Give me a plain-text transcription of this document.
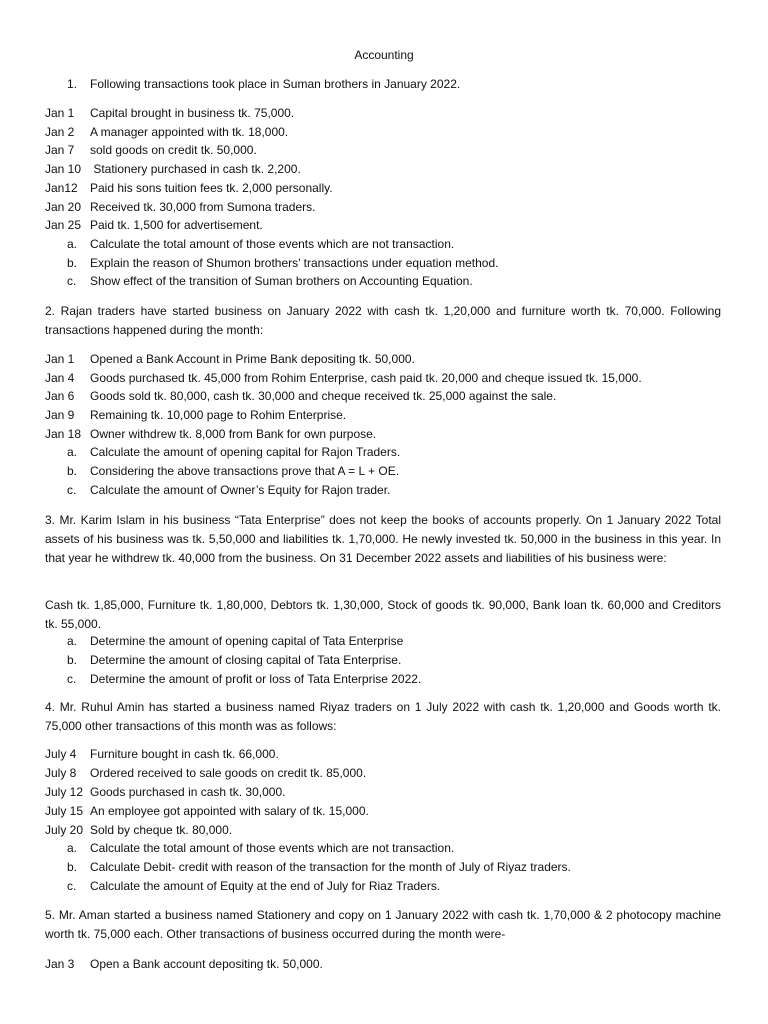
Accounting
1. Following transactions took place in Suman brothers in January 2022.
Jan 1 Capital brought in business tk. 75,000.
Jan 2 A manager appointed with tk. 18,000.
Jan 7 sold goods on credit tk. 50,000.
Jan 10 Stationery purchased in cash tk. 2,200.
Jan12 Paid his sons tuition fees tk. 2,000 personally.
Jan 20 Received tk. 30,000 from Sumona traders.
Jan 25 Paid tk. 1,500 for advertisement.
a. Calculate the total amount of those events which are not transaction.
b. Explain the reason of Shumon brothers’ transactions under equation method.
c. Show effect of the transition of Suman brothers on Accounting Equation.
2. Rajan traders have started business on January 2022 with cash tk. 1,20,000 and furniture worth tk. 70,000. Following transactions happened during the month:
Jan 1 Opened a Bank Account in Prime Bank depositing tk. 50,000.
Jan 4 Goods purchased tk. 45,000 from Rohim Enterprise, cash paid tk. 20,000 and cheque issued tk. 15,000.
Jan 6 Goods sold tk. 80,000, cash tk. 30,000 and cheque received tk. 25,000 against the sale.
Jan 9 Remaining tk. 10,000 page to Rohim Enterprise.
Jan 18 Owner withdrew tk. 8,000 from Bank for own purpose.
a. Calculate the amount of opening capital for Rajon Traders.
b. Considering the above transactions prove that A = L + OE.
c. Calculate the amount of Owner’s Equity for Rajon trader.
3. Mr. Karim Islam in his business “Tata Enterprise” does not keep the books of accounts properly. On 1 January 2022 Total assets of his business was tk. 5,50,000 and liabilities tk. 1,70,000. He newly invested tk. 50,000 in the business in this year. In that year he withdrew tk. 40,000 from the business. On 31 December 2022 assets and liabilities of his business were:
Cash tk. 1,85,000, Furniture tk. 1,80,000, Debtors tk. 1,30,000, Stock of goods tk. 90,000, Bank loan tk. 60,000 and Creditors tk. 55,000.
a. Determine the amount of opening capital of Tata Enterprise
b. Determine the amount of closing capital of Tata Enterprise.
c. Determine the amount of profit or loss of Tata Enterprise 2022.
4. Mr. Ruhul Amin has started a business named Riyaz traders on 1 July 2022 with cash tk. 1,20,000 and Goods worth tk. 75,000 other transactions of this month was as follows:
July 4 Furniture bought in cash tk. 66,000.
July 8 Ordered received to sale goods on credit tk. 85,000.
July 12 Goods purchased in cash tk. 30,000.
July 15 An employee got appointed with salary of tk. 15,000.
July 20 Sold by cheque tk. 80,000.
a. Calculate the total amount of those events which are not transaction.
b. Calculate Debit- credit with reason of the transaction for the month of July of Riyaz traders.
c. Calculate the amount of Equity at the end of July for Riaz Traders.
5. Mr. Aman started a business named Stationery and copy on 1 January 2022 with cash tk. 1,70,000 & 2 photocopy machine worth tk. 75,000 each. Other transactions of business occurred during the month were-
Jan 3 Open a Bank account depositing tk. 50,000.
